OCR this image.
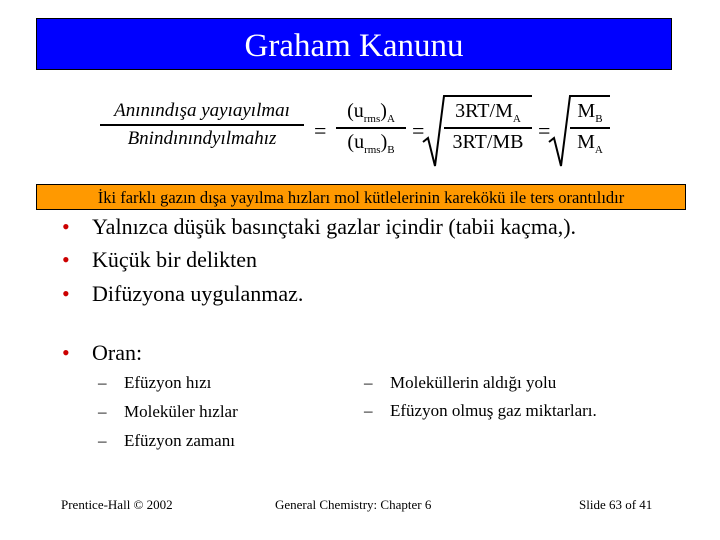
Graham Kanunu
Anınındışa yayıayılmaı
Bnindınındyılmahız	=
$(u_{rms})_A$
$(u_{rms})_B$
=
$3RT/M_A$
3RT/MB =
$M_B$
$M_A$
İki farklı gazın dışa yayılma hızları mol kütlelerinin karekökü ile ters orantılıdır
• Yalnızca düşük basınçtaki gazlar içindir (tabii kaçma,).
• Küçük bir delikten
• Difüzyona uygulanmaz.
• Oran:
– Efüzyon hızı
– Moleküler hızlar
– Efüzyon zamanı
– Moleküllerin aldığı yolu
– Efüzyon olmuş gaz miktarları.
Prentice-Hall © 2002	General Chemistry: Chapter 6	Slide 63 of 41
